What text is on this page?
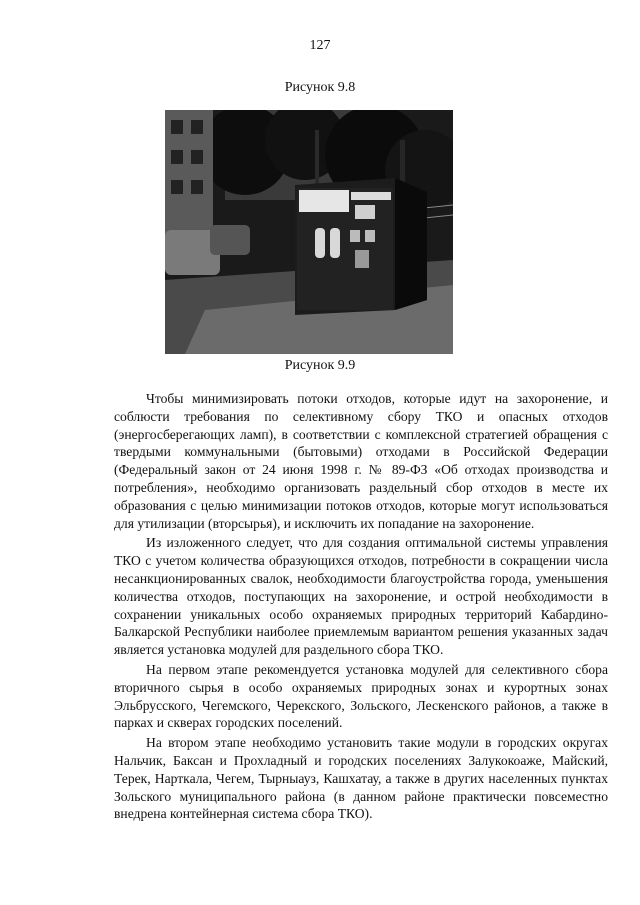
127
Рисунок 9.8
Рисунок 9.9

Чтобы минимизировать потоки отходов, которые идут на захоронение, и соблюсти требования по селективному сбору ТКО и опасных отходов (энергосберегающих ламп), в соответствии с комплексной стратегией обращения с твердыми коммунальными (бытовыми) отходами в Российской Федерации (Федеральный закон от 24 июня 1998 г. № 89-ФЗ «Об отходах производства и потребления», необходимо организовать раздельный сбор отходов в месте их образования с целью минимизации потоков отходов, которые могут использоваться для утилизации (вторсырья), и исключить их попадание на захоронение.

Из изложенного следует, что для создания оптимальной системы управления ТКО с учетом количества образующихся отходов, потребности в сокращении числа несанкционированных свалок, необходимости благоустройства города, уменьшения количества отходов, поступающих на захоронение, и острой необходимости в сохранении уникальных особо охраняемых природных территорий Кабардино-Балкарской Республики наиболее приемлемым вариантом решения указанных задач является установка модулей для раздельного сбора ТКО.

На первом этапе рекомендуется установка модулей для селективного сбора вторичного сырья в особо охраняемых природных зонах и курортных зонах Эльбрусского, Чегемского, Черекского, Зольского, Лескенского районов, а также в парках и скверах городских поселений.

На втором этапе необходимо установить такие модули в городских округах Нальчик, Баксан и Прохладный и городских поселениях Залукокоаже, Майский, Терек, Нарткала, Чегем, Тырныауз, Кашхатау, а также в других населенных пунктах Зольского муниципального района (в данном районе практически повсеместно внедрена контейнерная система сбора ТКО).
